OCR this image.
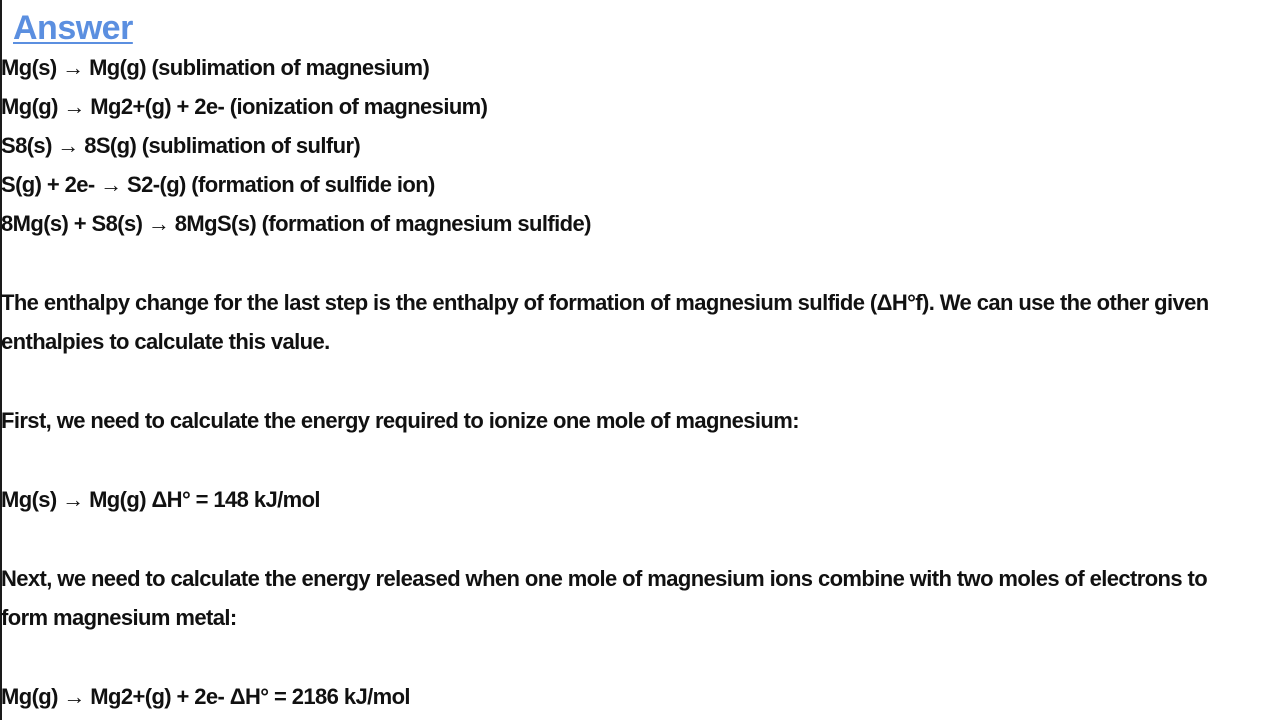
Answer
Mg(s) → Mg(g) (sublimation of magnesium)
Mg(g) → Mg2+(g) + 2e- (ionization of magnesium)
S8(s) → 8S(g) (sublimation of sulfur)
S(g) + 2e- → S2-(g) (formation of sulfide ion)
8Mg(s) + S8(s) → 8MgS(s) (formation of magnesium sulfide)
The enthalpy change for the last step is the enthalpy of formation of magnesium sulfide (ΔH°f). We can use the other given
enthalpies to calculate this value.
First, we need to calculate the energy required to ionize one mole of magnesium:
Mg(s) → Mg(g) ΔH° = 148 kJ/mol
Next, we need to calculate the energy released when one mole of magnesium ions combine with two moles of electrons to
form magnesium metal:
Mg(g) → Mg2+(g) + 2e- ΔH° = 2186 kJ/mol
